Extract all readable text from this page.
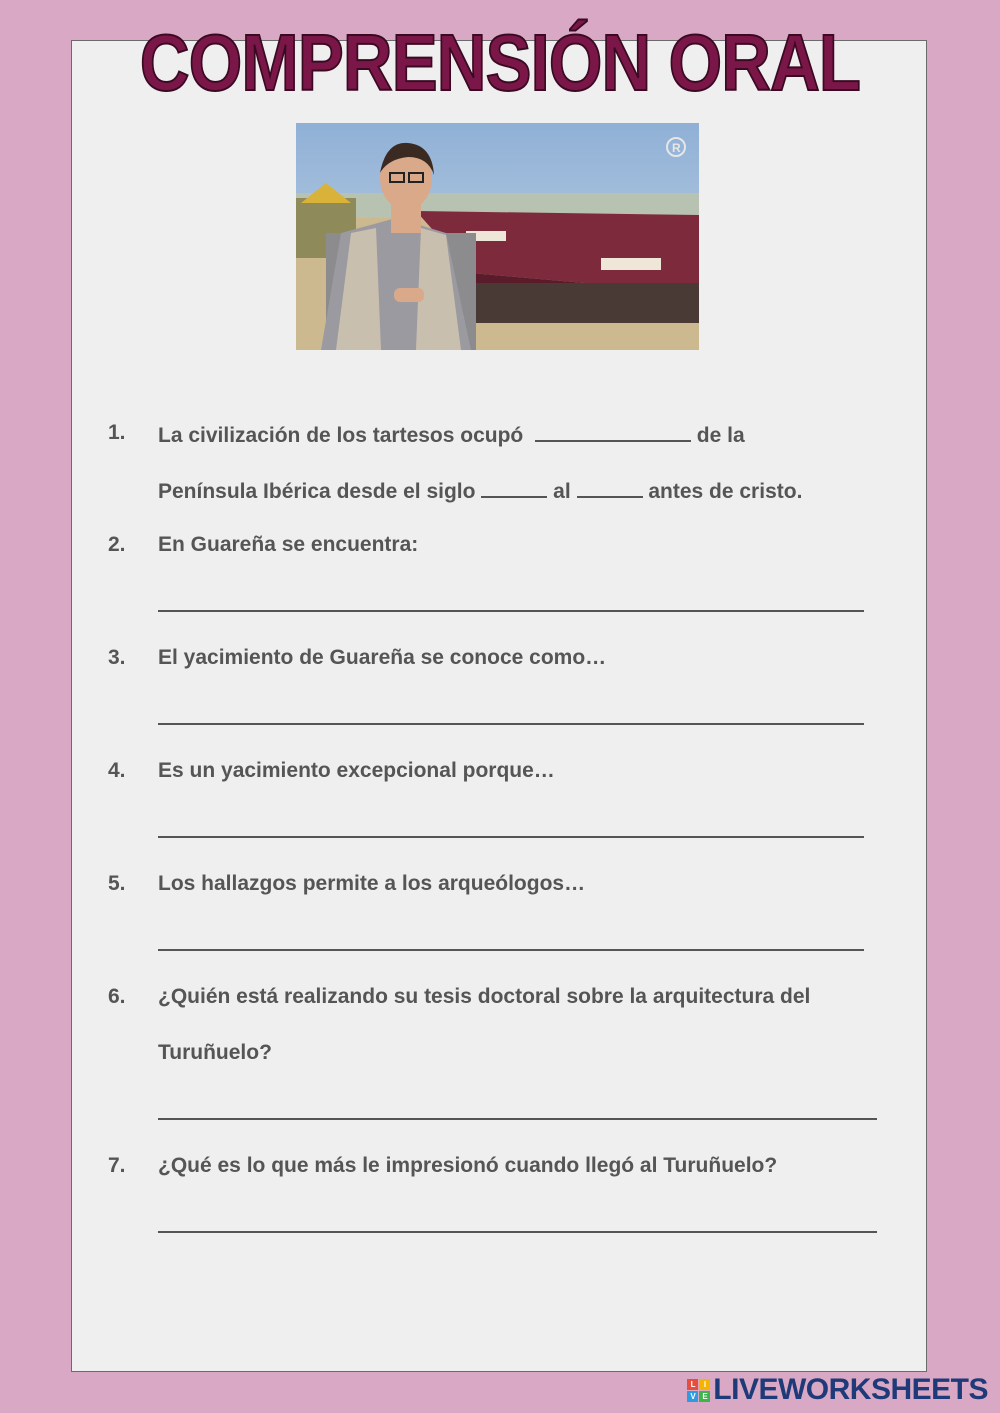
COMPRENSIÓN ORAL
R
1. La civilización de los tartesos ocupó	de la
Península Ibérica desde el siglo	al	antes de cristo.
2. En Guareña se encuentra:
3. El yacimiento de Guareña se conoce como…
4. Es un yacimiento excepcional porque…
5. Los hallazgos permite a los arqueólogos…
6. ¿Quién está realizando su tesis doctoral sobre la arquitectura del
Turuñuelo?
7. ¿Qué es lo que más le impresionó cuando llegó al Turuñuelo?
L	I
V E LIVEWORKSHEETS
